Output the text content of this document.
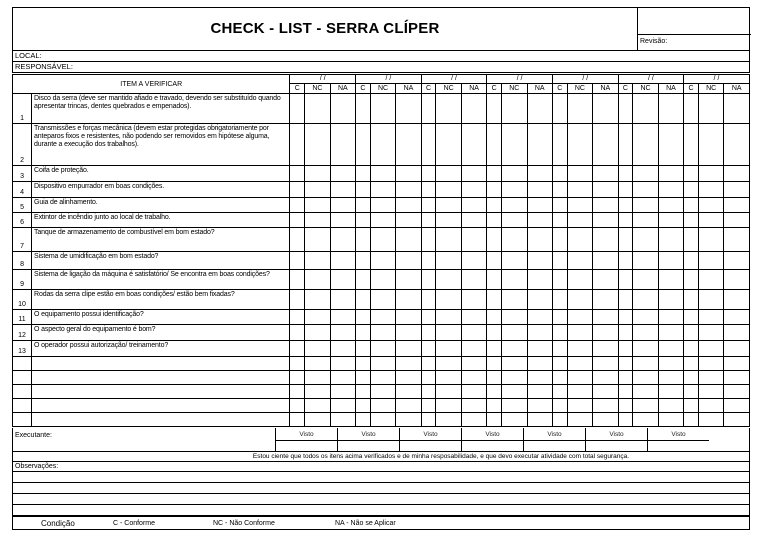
CHECK - LIST - SERRA CLÍPER
Revisão:
LOCAL:
RESPONSÁVEL:
ITEM A VERIFICAR		/ /			/ /			/ /			/ /			/ /			/ /			/ /		
		C	NC	NA	C	NC	NA	C	NC	NA	C	NC	NA	C	NC	NA	C	NC	NA	C	NC	NA
1	Disco da serra (deve ser mantido afiado e travado, devendo ser substituído quando apresentar trincas, dentes quebrados e empenados).																					
2	Transmissões e forças mecânica (devem estar protegidas obrigatoriamente por anteparos fixos e resistentes, não podendo ser removidos em hipótese alguma, durante a execução dos trabalhos).																					
3	Coifa de proteção.																					
4	Dispositivo empurrador em boas condições.																					
5	Guia de alinhamento.																					
6	Extintor de incêndio junto ao local de trabalho.																					
7	Tanque de armazenamento de combustível em bom estado?																					
8	Sistema de umidificação em bom estado?																					
9	Sistema de ligação da máquina é satisfatório/ Se encontra em boas condições?																					
10	Rodas da serra clipe estão em boas condições/ estão bem fixadas?																					
11	O equipamento possui identificação?																					
12	O aspecto geral do equipamento é bom?																					
13	O operador possui autorização/ treinamento?																					

Executante:	Visto	Visto	Visto	Visto	Visto	Visto	Visto
Estou ciente que todos os itens acima verificados e de minha resposabilidade, e que devo executar atividade com total segurança.
Observações:
Condição	C - Conforme	NC - Não Conforme	NA - Não se Aplicar
